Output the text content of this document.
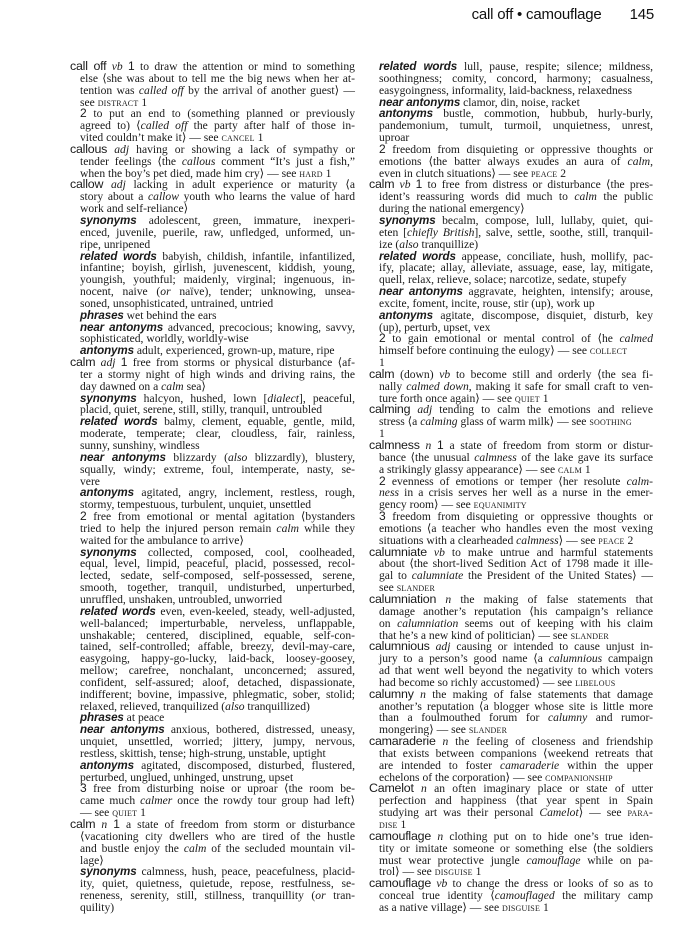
call off • camouflage 145
call off vb 1 to draw the attention or mind to something
else ⟨she was about to tell me the big news when her at-
tention was called off by the arrival of another guest⟩ —
see distract 1
2 to put an end to (something planned or previously
agreed to) ⟨called off the party after half of those in-
vited couldn’t make it⟩ — see cancel 1
callous adj having or showing a lack of sympathy or
tender feelings ⟨the callous comment “It’s just a fish,”
when the boy’s pet died, made him cry⟩ — see hard 1
callow adj lacking in adult experience or maturity ⟨a
story about a callow youth who learns the value of hard
work and self-reliance⟩
synonyms adolescent, green, immature, inexperi-
enced, juvenile, puerile, raw, unfledged, unformed, un-
ripe, unripened
related words babyish, childish, infantile, infantilized,
infantine; boyish, girlish, juvenescent, kiddish, young,
youngish, youthful; maidenly, virginal; ingenuous, in-
nocent, naive (or naïve), tender; unknowing, unsea-
soned, unsophisticated, untrained, untried
phrases wet behind the ears
near antonyms advanced, precocious; knowing, savvy,
sophisticated, worldly, worldly-wise
antonyms adult, experienced, grown-up, mature, ripe
calm adj 1 free from storms or physical disturbance ⟨af-
ter a stormy night of high winds and driving rains, the
day dawned on a calm sea⟩
synonyms halcyon, hushed, lown [dialect], peaceful,
placid, quiet, serene, still, stilly, tranquil, untroubled
related words balmy, clement, equable, gentle, mild,
moderate, temperate; clear, cloudless, fair, rainless,
sunny, sunshiny, windless
near antonyms blizzardy (also blizzardly), blustery,
squally, windy; extreme, foul, intemperate, nasty, se-
vere
antonyms agitated, angry, inclement, restless, rough,
stormy, tempestuous, turbulent, unquiet, unsettled
2 free from emotional or mental agitation ⟨bystanders
tried to help the injured person remain calm while they
waited for the ambulance to arrive⟩
synonyms collected, composed, cool, coolheaded,
equal, level, limpid, peaceful, placid, possessed, recol-
lected, sedate, self-composed, self-possessed, serene,
smooth, together, tranquil, undisturbed, unperturbed,
unruffled, unshaken, untroubled, unworried
related words even, even-keeled, steady, well-adjusted,
well-balanced; imperturbable, nerveless, unflappable,
unshakable; centered, disciplined, equable, self-con-
tained, self-controlled; affable, breezy, devil-may-care,
easygoing, happy-go-lucky, laid-back, loosey-goosey,
mellow; carefree, nonchalant, unconcerned; assured,
confident, self-assured; aloof, detached, dispassionate,
indifferent; bovine, impassive, phlegmatic, sober, stolid;
relaxed, relieved, tranquilized (also tranquillized)
phrases at peace
near antonyms anxious, bothered, distressed, uneasy,
unquiet, unsettled, worried; jittery, jumpy, nervous,
restless, skittish, tense; high-strung, unstable, uptight
antonyms agitated, discomposed, disturbed, flustered,
perturbed, unglued, unhinged, unstrung, upset
3 free from disturbing noise or uproar ⟨the room be-
came much calmer once the rowdy tour group had left⟩
— see quiet 1
calm n 1 a state of freedom from storm or disturbance
⟨vacationing city dwellers who are tired of the hustle
and bustle enjoy the calm of the secluded mountain vil-
lage⟩
synonyms calmness, hush, peace, peacefulness, placid-
ity, quiet, quietness, quietude, repose, restfulness, se-
reneness, serenity, still, stillness, tranquillity (or tran-
quility)
related words lull, pause, respite; silence; mildness,
soothingness; comity, concord, harmony; casualness,
easygoingness, informality, laid-backness, relaxedness
near antonyms clamor, din, noise, racket
antonyms bustle, commotion, hubbub, hurly-burly,
pandemonium, tumult, turmoil, unquietness, unrest,
uproar
2 freedom from disquieting or oppressive thoughts or
emotions ⟨the batter always exudes an aura of calm,
even in clutch situations⟩ — see peace 2
calm vb 1 to free from distress or disturbance ⟨the pres-
ident’s reassuring words did much to calm the public
during the national emergency⟩
synonyms becalm, compose, lull, lullaby, quiet, qui-
eten [chiefly British], salve, settle, soothe, still, tranquil-
ize (also tranquillize)
related words appease, conciliate, hush, mollify, pac-
ify, placate; allay, alleviate, assuage, ease, lay, mitigate,
quell, relax, relieve, solace; narcotize, sedate, stupefy
near antonyms aggravate, heighten, intensify; arouse,
excite, foment, incite, rouse, stir (up), work up
antonyms agitate, discompose, disquiet, disturb, key
(up), perturb, upset, vex
2 to gain emotional or mental control of ⟨he calmed
himself before continuing the eulogy⟩ — see collect
1
calm (down) vb to become still and orderly ⟨the sea fi-
nally calmed down, making it safe for small craft to ven-
ture forth once again⟩ — see quiet 1
calming adj tending to calm the emotions and relieve
stress ⟨a calming glass of warm milk⟩ — see soothing
1
calmness n 1 a state of freedom from storm or distur-
bance ⟨the unusual calmness of the lake gave its surface
a strikingly glassy appearance⟩ — see calm 1
2 evenness of emotions or temper ⟨her resolute calm-
ness in a crisis serves her well as a nurse in the emer-
gency room⟩ — see equanimity
3 freedom from disquieting or oppressive thoughts or
emotions ⟨a teacher who handles even the most vexing
situations with a clearheaded calmness⟩ — see peace 2
calumniate vb to make untrue and harmful statements
about ⟨the short-lived Sedition Act of 1798 made it ille-
gal to calumniate the President of the United States⟩ —
see slander
calumniation n the making of false statements that
damage another’s reputation ⟨his campaign’s reliance
on calumniation seems out of keeping with his claim
that he’s a new kind of politician⟩ — see slander
calumnious adj causing or intended to cause unjust in-
jury to a person’s good name ⟨a calumnious campaign
ad that went well beyond the negativity to which voters
had become so richly accustomed⟩ — see libelous
calumny n the making of false statements that damage
another’s reputation ⟨a blogger whose site is little more
than a foulmouthed forum for calumny and rumor-
mongering⟩ — see slander
camaraderie n the feeling of closeness and friendship
that exists between companions ⟨weekend retreats that
are intended to foster camaraderie within the upper
echelons of the corporation⟩ — see companionship
Camelot n an often imaginary place or state of utter
perfection and happiness ⟨that year spent in Spain
studying art was their personal Camelot⟩ — see para-
dise 1
camouflage n clothing put on to hide one’s true iden-
tity or imitate someone or something else ⟨the soldiers
must wear protective jungle camouflage while on pa-
trol⟩ — see disguise 1
camouflage vb to change the dress or looks of so as to
conceal true identity ⟨camouflaged the military camp
as a native village⟩ — see disguise 1
